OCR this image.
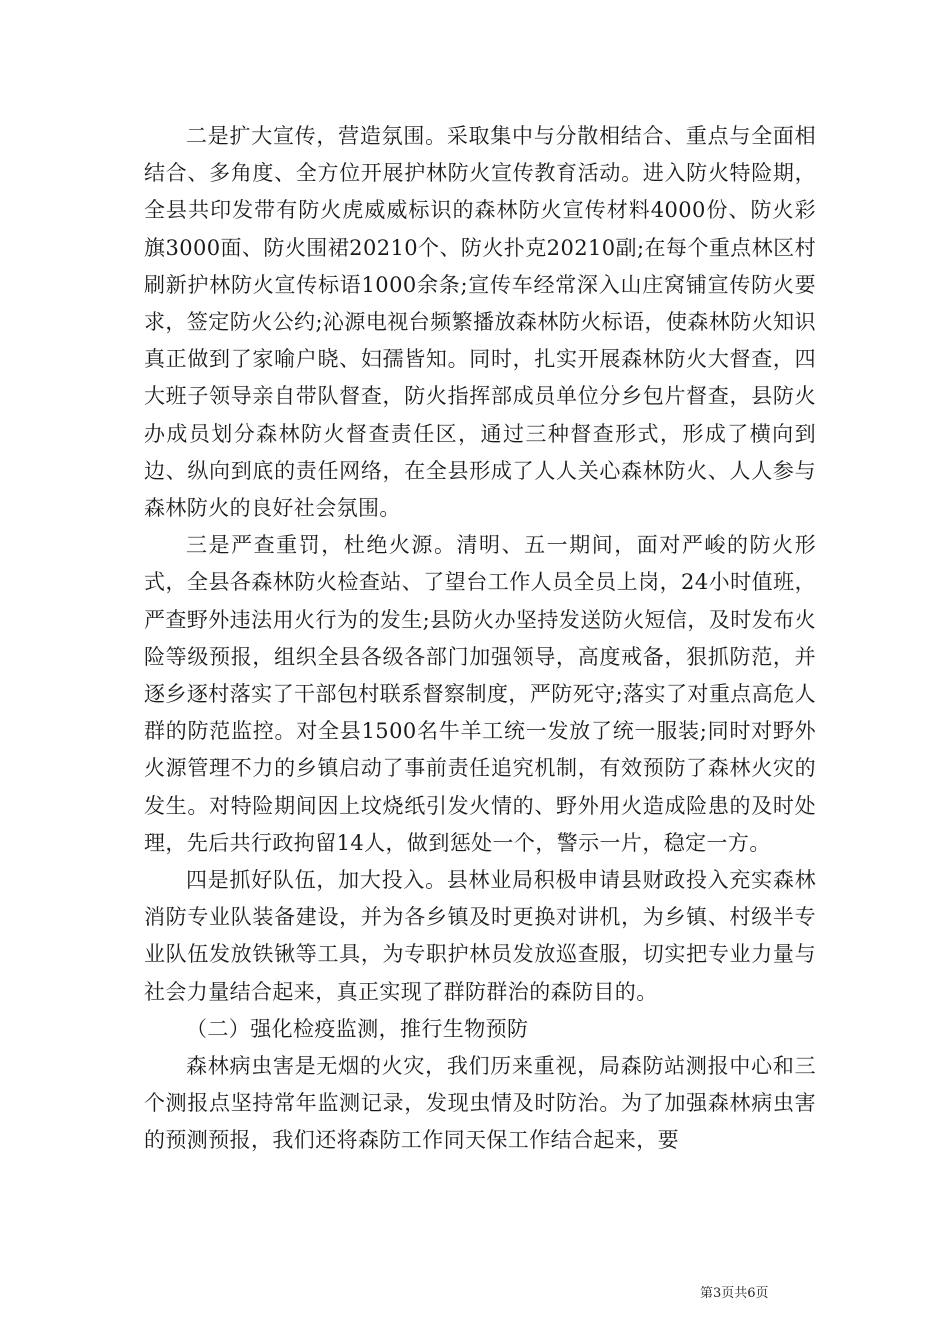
二是扩大宣传，营造氛围。采取集中与分散相结合、重点与全面相结合、多角度、全方位开展护林防火宣传教育活动。进入防火特险期，全县共印发带有防火虎威威标识的森林防火宣传材料4000份、防火彩旗3000面、防火围裙20210个、防火扑克20210副;在每个重点林区村刷新护林防火宣传标语1000余条;宣传车经常深入山庄窝铺宣传防火要求，签定防火公约;沁源电视台频繁播放森林防火标语，使森林防火知识真正做到了家喻户晓、妇孺皆知。同时，扎实开展森林防火大督查，四大班子领导亲自带队督查，防火指挥部成员单位分乡包片督查，县防火办成员划分森林防火督查责任区，通过三种督查形式，形成了横向到边、纵向到底的责任网络，在全县形成了人人关心森林防火、人人参与森林防火的良好社会氛围。

三是严查重罚，杜绝火源。清明、五一期间，面对严峻的防火形式，全县各森林防火检查站、了望台工作人员全员上岗，24小时值班，严查野外违法用火行为的发生;县防火办坚持发送防火短信，及时发布火险等级预报，组织全县各级各部门加强领导，高度戒备，狠抓防范，并逐乡逐村落实了干部包村联系督察制度，严防死守;落实了对重点高危人群的防范监控。对全县1500名牛羊工统一发放了统一服装;同时对野外火源管理不力的乡镇启动了事前责任追究机制，有效预防了森林火灾的发生。对特险期间因上坟烧纸引发火情的、野外用火造成险患的及时处理，先后共行政拘留14人，做到惩处一个，警示一片，稳定一方。

四是抓好队伍，加大投入。县林业局积极申请县财政投入充实森林消防专业队装备建设，并为各乡镇及时更换对讲机，为乡镇、村级半专业队伍发放铁锹等工具，为专职护林员发放巡查服，切实把专业力量与社会力量结合起来，真正实现了群防群治的森防目的。

（二）强化检疫监测，推行生物预防

森林病虫害是无烟的火灾，我们历来重视，局森防站测报中心和三个测报点坚持常年监测记录，发现虫情及时防治。为了加强森林病虫害的预测预报，我们还将森防工作同天保工作结合起来，要

第3页共6页
